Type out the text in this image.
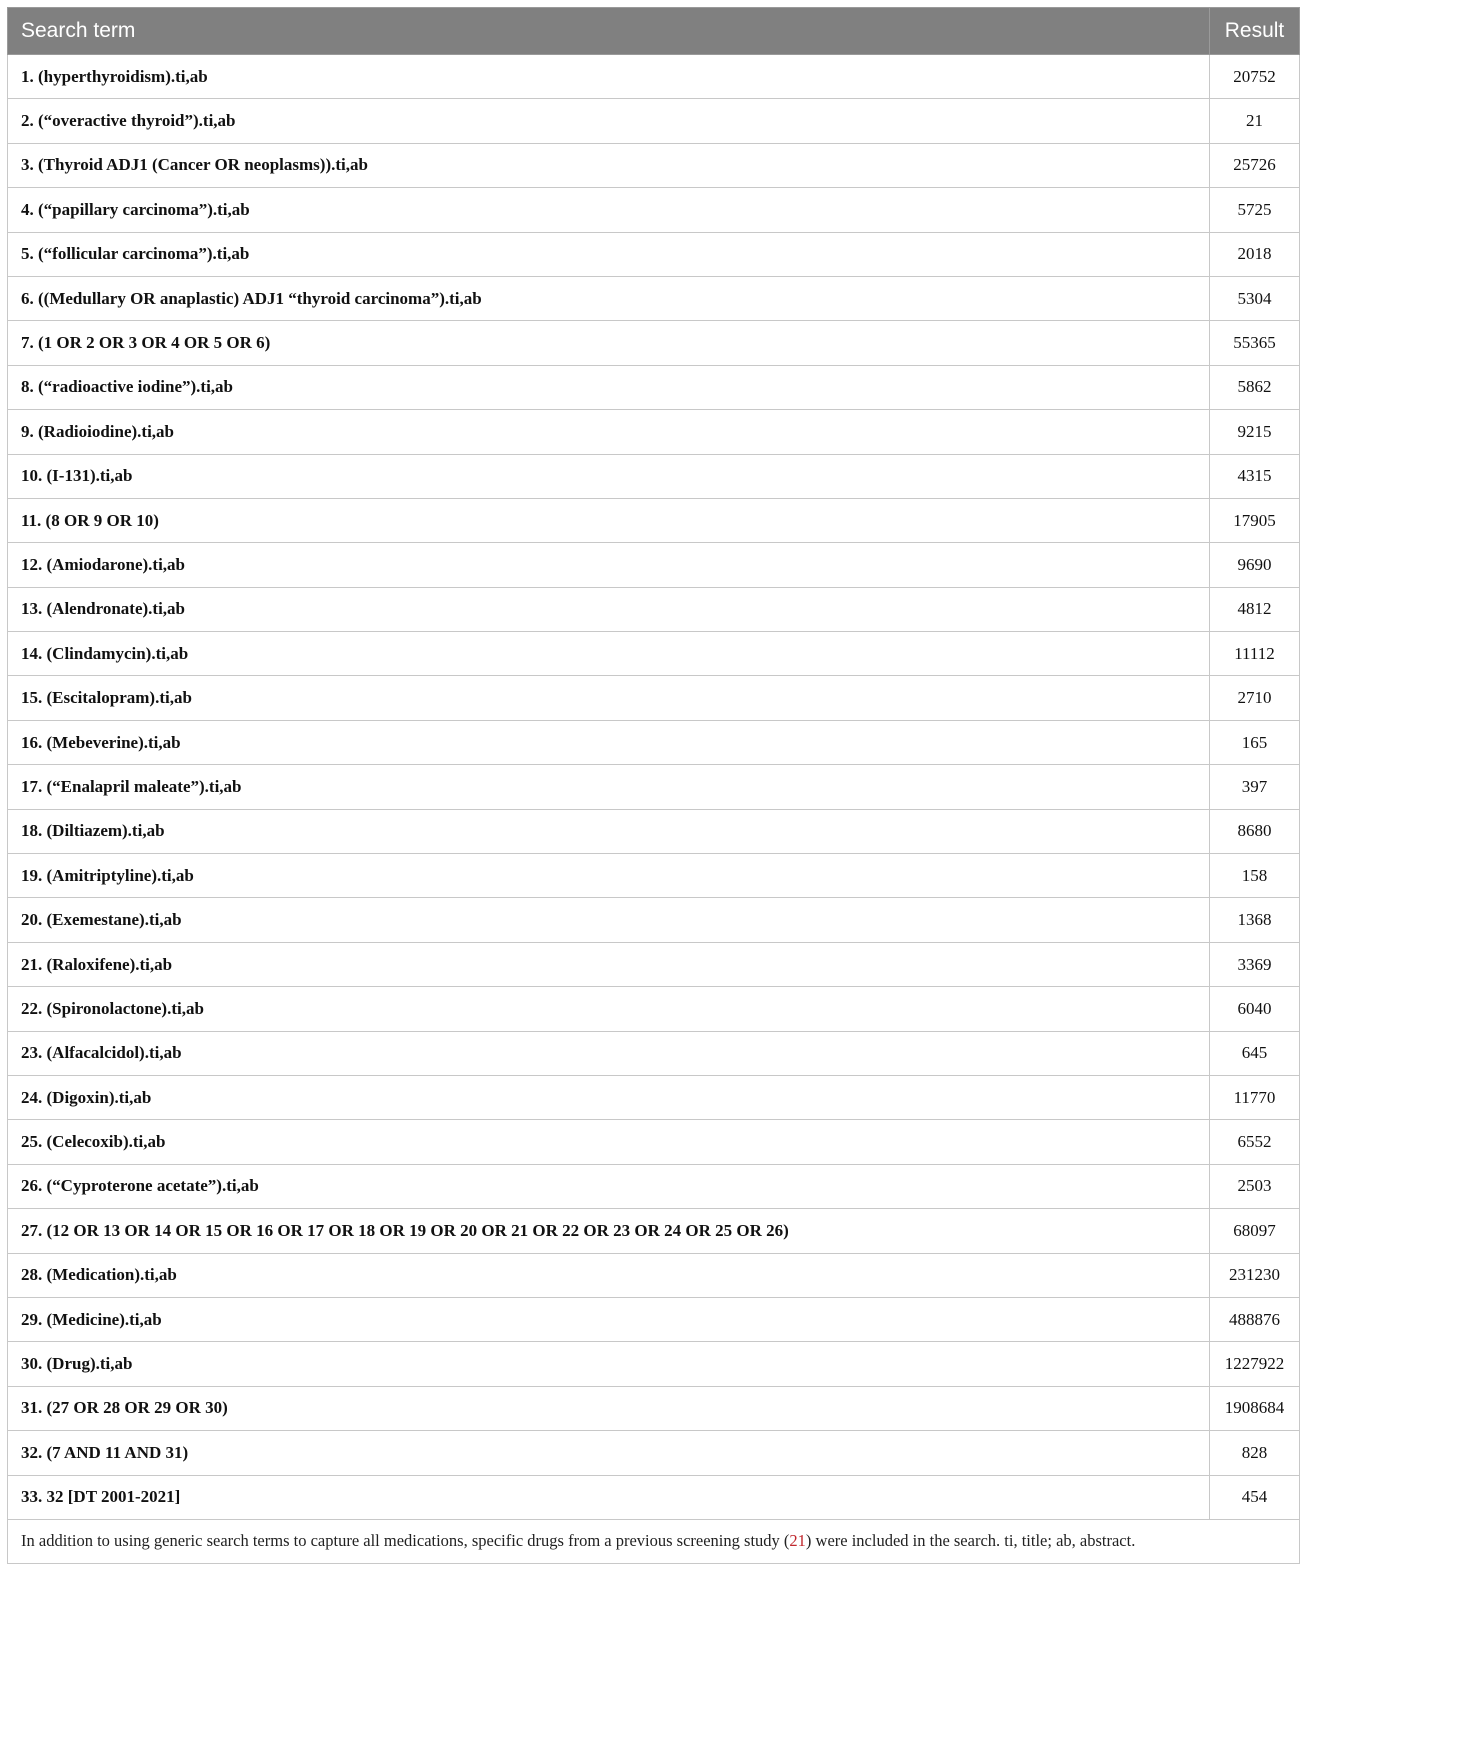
Search term	Result
1. (hyperthyroidism).ti,ab	20752
2. (“overactive thyroid”).ti,ab	21
3. (Thyroid ADJ1 (Cancer OR neoplasms)).ti,ab	25726
4. (“papillary carcinoma”).ti,ab	5725
5. (“follicular carcinoma”).ti,ab	2018
6. ((Medullary OR anaplastic) ADJ1 “thyroid carcinoma”).ti,ab	5304
7. (1 OR 2 OR 3 OR 4 OR 5 OR 6)	55365
8. (“radioactive iodine”).ti,ab	5862
9. (Radioiodine).ti,ab	9215
10. (I-131).ti,ab	4315
11. (8 OR 9 OR 10)	17905
12. (Amiodarone).ti,ab	9690
13. (Alendronate).ti,ab	4812
14. (Clindamycin).ti,ab	11112
15. (Escitalopram).ti,ab	2710
16. (Mebeverine).ti,ab	165
17. (“Enalapril maleate”).ti,ab	397
18. (Diltiazem).ti,ab	8680
19. (Amitriptyline).ti,ab	158
20. (Exemestane).ti,ab	1368
21. (Raloxifene).ti,ab	3369
22. (Spironolactone).ti,ab	6040
23. (Alfacalcidol).ti,ab	645
24. (Digoxin).ti,ab	11770
25. (Celecoxib).ti,ab	6552
26. (“Cyproterone acetate”).ti,ab	2503
27. (12 OR 13 OR 14 OR 15 OR 16 OR 17 OR 18 OR 19 OR 20 OR 21 OR 22 OR 23 OR 24 OR 25 OR 26)	68097
28. (Medication).ti,ab	231230
29. (Medicine).ti,ab	488876
30. (Drug).ti,ab	1227922
31. (27 OR 28 OR 29 OR 30)	1908684
32. (7 AND 11 AND 31)	828
33. 32 [DT 2001-2021]	454
In addition to using generic search terms to capture all medications, specific drugs from a previous screening study (21) were included in the search. ti, title; ab, abstract.	
